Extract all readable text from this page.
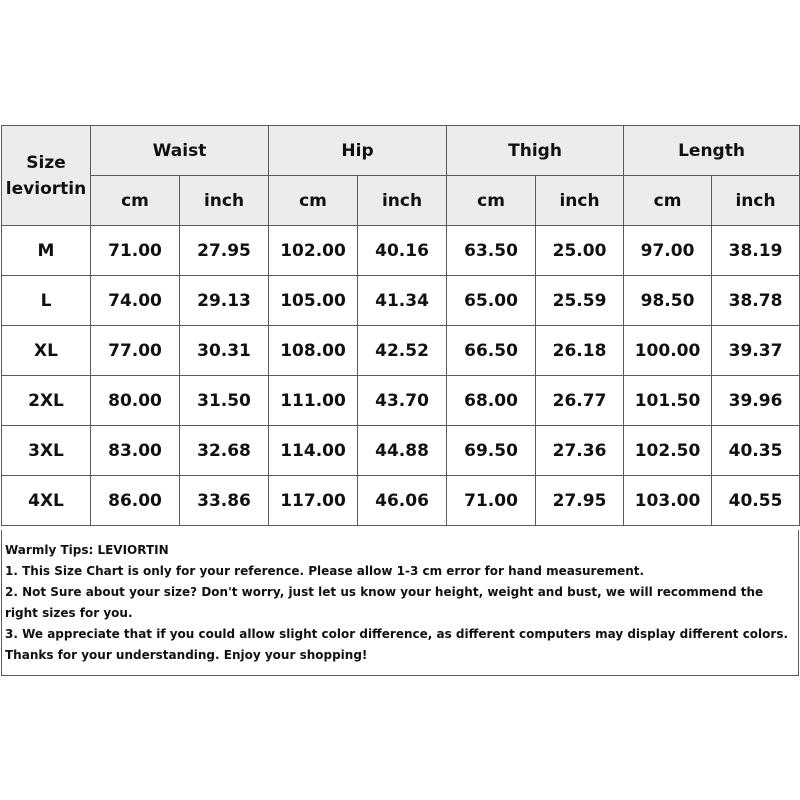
Size
leviortin	Waist		Hip		Thigh		Length	
	cm	inch	cm	inch	cm	inch	cm	inch
M	71.00	27.95	102.00	40.16	63.50	25.00	97.00	38.19
L	74.00	29.13	105.00	41.34	65.00	25.59	98.50	38.78
XL	77.00	30.31	108.00	42.52	66.50	26.18	100.00	39.37
2XL	80.00	31.50	111.00	43.70	68.00	26.77	101.50	39.96
3XL	83.00	32.68	114.00	44.88	69.50	27.36	102.50	40.35
4XL	86.00	33.86	117.00	46.06	71.00	27.95	103.00	40.55
Warmly Tips: LEVIORTIN
1. This Size Chart is only for your reference. Please allow 1-3 cm error for hand measurement.
2. Not Sure about your size? Don't worry, just let us know your height, weight and bust, we will recommend the right sizes for you.
3. We appreciate that if you could allow slight color difference, as different computers may display different colors.
Thanks for your understanding. Enjoy your shopping!
